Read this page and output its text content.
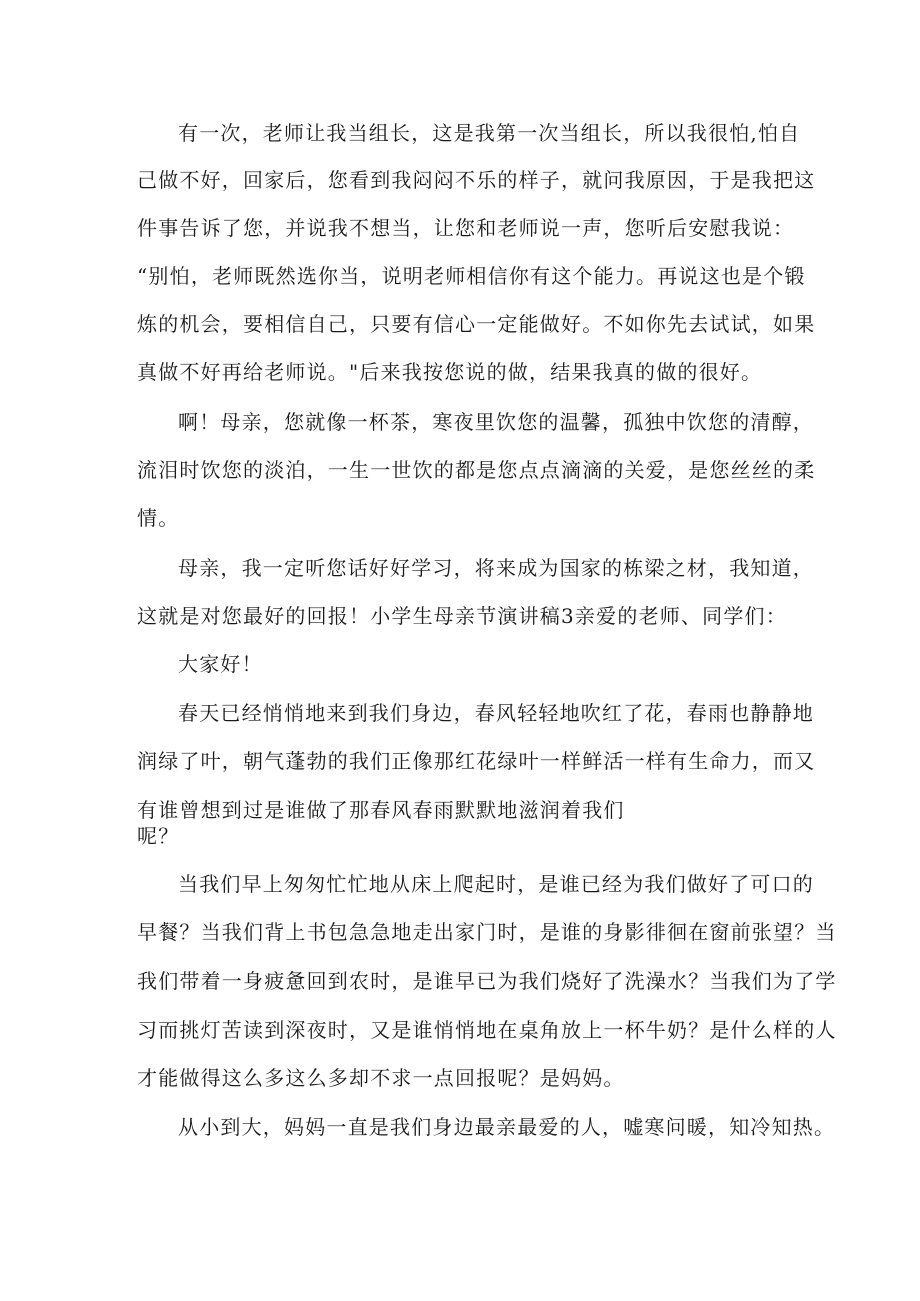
有一次，老师让我当组长，这是我第一次当组长，所以我很怕,怕自
己做不好，回家后，您看到我闷闷不乐的样子，就问我原因，于是我把这
件事告诉了您，并说我不想当，让您和老师说一声，您听后安慰我说：
“别怕，老师既然选你当，说明老师相信你有这个能力。再说这也是个锻
炼的机会，要相信自己，只要有信心一定能做好。不如你先去试试，如果
真做不好再给老师说。"后来我按您说的做，结果我真的做的很好。
啊！母亲，您就像一杯茶，寒夜里饮您的温馨，孤独中饮您的清醇，
流泪时饮您的淡泊，一生一世饮的都是您点点滴滴的关爱，是您丝丝的柔
情。
母亲，我一定听您话好好学习，将来成为国家的栋梁之材，我知道，
这就是对您最好的回报！小学生母亲节演讲稿3亲爱的老师、同学们：
大家好！
春天已经悄悄地来到我们身边，春风轻轻地吹红了花，春雨也静静地
润绿了叶，朝气蓬勃的我们正像那红花绿叶一样鲜活一样有生命力，而又
有谁曾想到过是谁做了那春风春雨默默地滋润着我们
呢？
当我们早上匆匆忙忙地从床上爬起时，是谁已经为我们做好了可口的
早餐？当我们背上书包急急地走出家门时，是谁的身影徘徊在窗前张望？当
我们带着一身疲惫回到农时，是谁早已为我们烧好了洗澡水？当我们为了学
习而挑灯苦读到深夜时，又是谁悄悄地在桌角放上一杯牛奶？是什么样的人
才能做得这么多这么多却不求一点回报呢？是妈妈。
从小到大，妈妈一直是我们身边最亲最爱的人，嘘寒问暖，知冷知热。
